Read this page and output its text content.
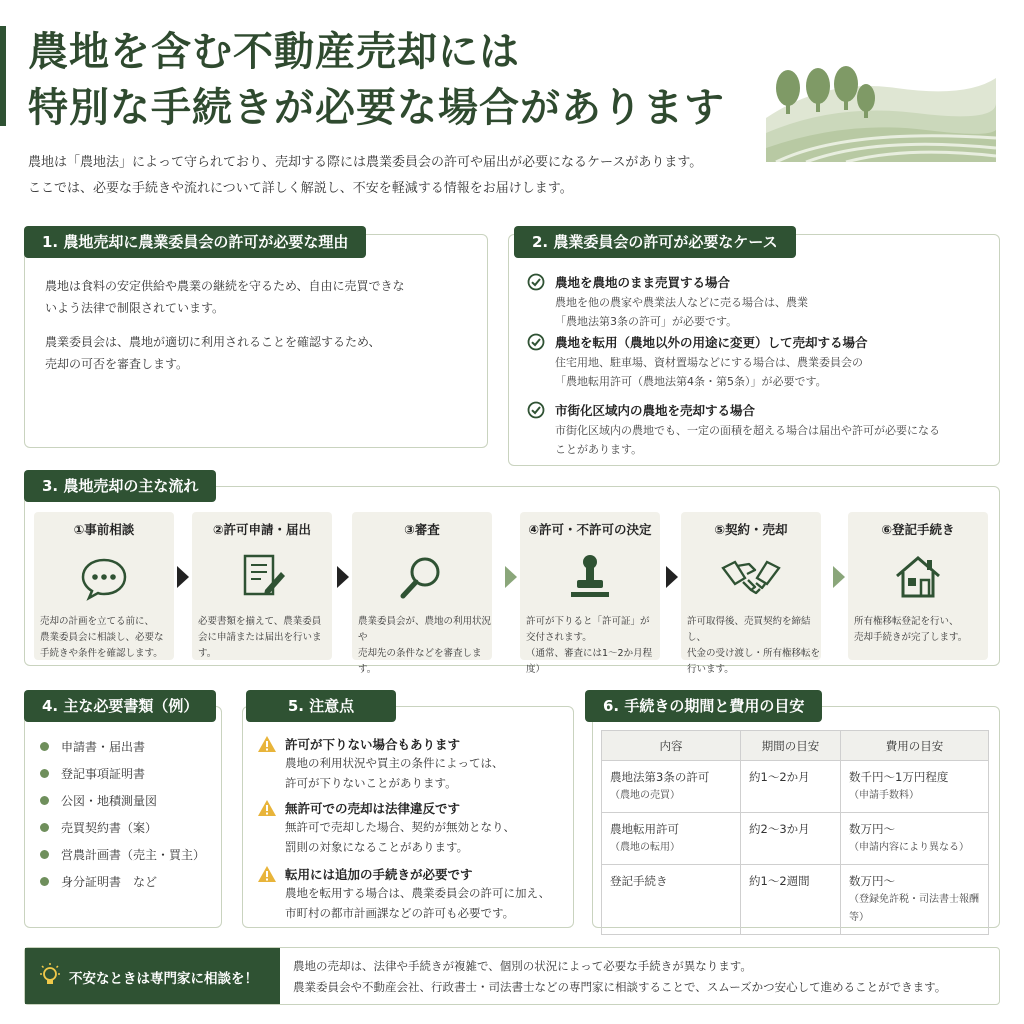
農地を含む不動産売却には
特別な手続きが必要な場合があります
農地は「農地法」によって守られており、売却する際には農業委員会の許可や届出が必要になるケースがあります。
ここでは、必要な手続きや流れについて詳しく解説し、不安を軽減する情報をお届けします。
農地は食料の安定供給や農業の継続を守るため、自由に売買できな
いよう法律で制限されています。
農業委員会は、農地が適切に利用されることを確認するため、
売却の可否を審査します。
1. 農地売却に農業委員会の許可が必要な理由
農地を農地のまま売買する場合
農地を他の農家や農業法人などに売る場合は、農業
「農地法第3条の許可」が必要です。
農地を転用（農地以外の用途に変更）して売却する場合
住宅用地、駐車場、資材置場などにする場合は、農業委員会の
「農地転用許可（農地法第4条・第5条）」が必要です。
市街化区域内の農地を売却する場合
市街化区域内の農地でも、一定の面積を超える場合は届出や許可が必要になる
ことがあります。
2. 農業委員会の許可が必要なケース
3. 農地売却の主な流れ
①事前相談
売却の計画を立てる前に、
農業委員会に相談し、必要な
手続きや条件を確認します。
②許可申請・届出
必要書類を揃えて、農業委員
会に申請または届出を行います。
③審査
農業委員会が、農地の利用状況や
売却先の条件などを審査します。
④許可・不許可の決定
許可が下りると「許可証」が
交付されます。
（通常、審査には1〜2か月程度）
⑤契約・売却
許可取得後、売買契約を締結し、
代金の受け渡し・所有権移転を
行います。
⑥登記手続き
所有権移転登記を行い、
売却手続きが完了します。
4. 主な必要書類（例）
申請書・届出書
登記事項証明書
公図・地積測量図
売買契約書（案）
営農計画書（売主・買主）
身分証明書　など
許可が下りない場合もあります
農地の利用状況や買主の条件によっては、
許可が下りないことがあります。
無許可での売却は法律違反です
無許可で売却した場合、契約が無効となり、
罰則の対象になることがあります。
転用には追加の手続きが必要です
農地を転用する場合は、農業委員会の許可に加え、
市町村の都市計画課などの許可も必要です。
5. 注意点	6. 手続きの期間と費用の目安
内容	期間の目安	費用の目安

農地法第3条の許可
（農地の売買）	約1〜2か月	数千円〜1万円程度
（申請手数料）

農地転用許可
（農地の転用）	約2〜3か月	数万円〜
（申請内容により異なる）

登記手続き	約1〜2週間	数万円〜
（登録免許税・司法書士報酬等）
不安なときは専門家に相談を！
農地の売却は、法律や手続きが複雑で、個別の状況によって必要な手続きが異なります。
農業委員会や不動産会社、行政書士・司法書士などの専門家に相談することで、スムーズかつ安心して進めることができます。
